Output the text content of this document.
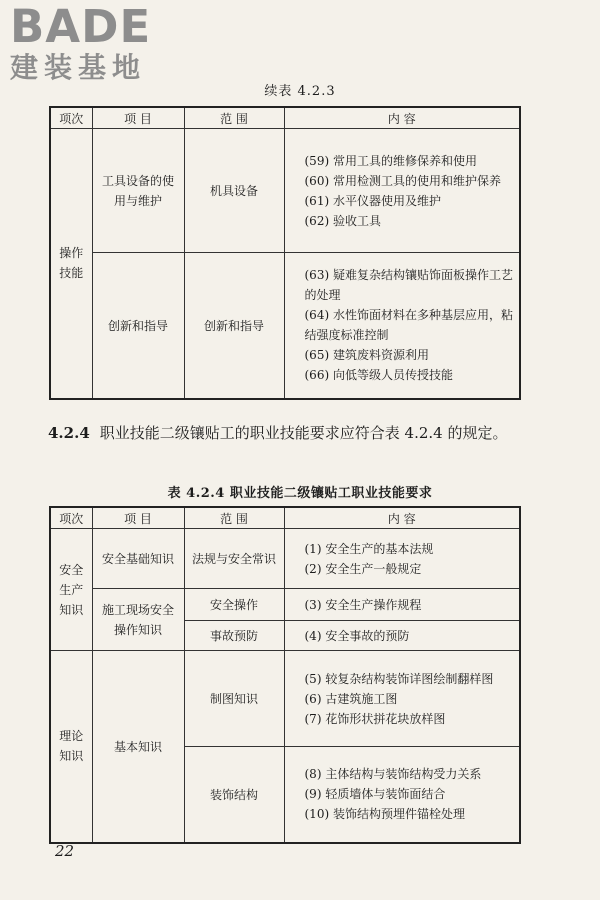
BADE
建装基地
续表 4.2.3
项次	项 目	范 围	内 容

操作技能	工具设备的使用与维护	机具设备	(59) 常用工具的维修保养和使用
(60) 常用检测工具的使用和维护保养
(61) 水平仪器使用及维护
(62) 验收工具

	创新和指导	创新和指导	(63) 疑难复杂结构镶贴饰面板操作工艺的处理
(64) 水性饰面材料在多种基层应用，粘结强度标准控制
(65) 建筑废料资源利用
(66) 向低等级人员传授技能
4.2.4 职业技能二级镶贴工的职业技能要求应符合表 4.2.4 的规定。
表 4.2.4 职业技能二级镶贴工职业技能要求
项次	项 目	范 围	内 容

安全生产知识	安全基础知识	法规与安全常识	(1) 安全生产的基本法规
(2) 安全生产一般规定

	施工现场安全操作知识	安全操作	(3) 安全生产操作规程

		事故预防	(4) 安全事故的预防

理论知识	基本知识	制图知识	(5) 较复杂结构装饰详图绘制翻样图
(6) 古建筑施工图
(7) 花饰形状拼花块放样图

		装饰结构	(8) 主体结构与装饰结构受力关系
(9) 轻质墙体与装饰面结合
(10) 装饰结构预埋件锚栓处理
22
